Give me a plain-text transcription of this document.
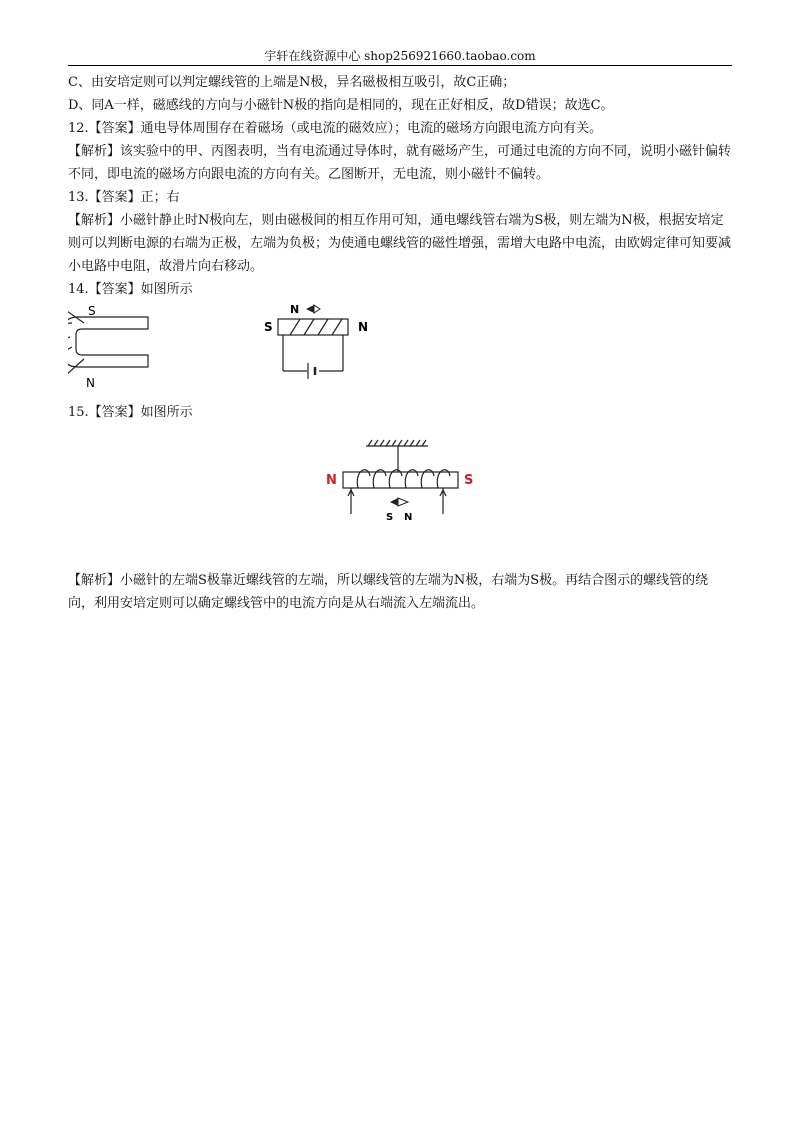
宇轩在线资源中心 shop256921660.taobao.com

C、由安培定则可以判定螺线管的上端是N极，异名磁极相互吸引，故C正确；

D、同A一样，磁感线的方向与小磁针N极的指向是相同的，现在正好相反，故D错误；故选C。

12.【答案】通电导体周围存在着磁场（或电流的磁效应）；电流的磁场方向跟电流方向有关。

【解析】该实验中的甲、丙图表明，当有电流通过导体时，就有磁场产生，可通过电流的方向不同，说明小磁针偏转不同，即电流的磁场方向跟电流的方向有关。乙图断开，无电流，则小磁针不偏转。

13.【答案】正；右

【解析】小磁针静止时N极向左，则由磁极间的相互作用可知，通电螺线管右端为S极，则左端为N极，根据安培定则可以判断电源的右端为正极，左端为负极；为使通电螺线管的磁性增强，需增大电路中电流，由欧姆定律可知要减小电路中电阻，故滑片向右移动。

14.【答案】如图所示

S
N
N
S	N

15.【答案】如图所示

N	S
S N

【解析】小磁针的左端S极靠近螺线管的左端，所以螺线管的左端为N极，右端为S极。再结合图示的螺线管的绕向，利用安培定则可以确定螺线管中的电流方向是从右端流入左端流出。
